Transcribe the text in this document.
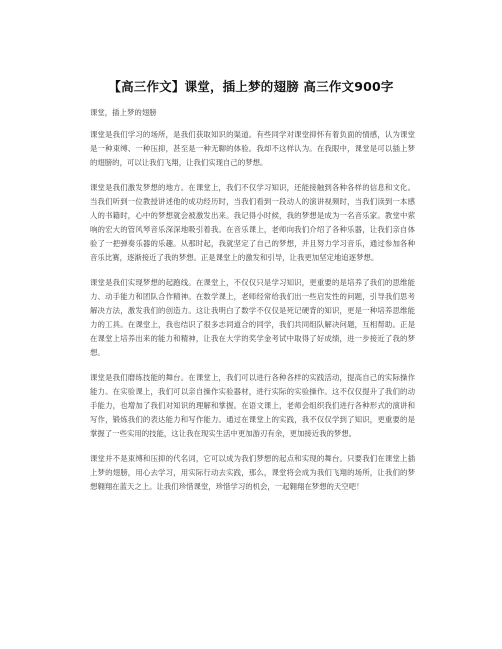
【高三作文】课堂，插上梦的翅膀 高三作文900字

课堂，插上梦的翅膀

课堂是我们学习的场所，是我们获取知识的渠道。有些同学对课堂抑怀有着负面的情感，认为课堂是一种束缚、一种压抑，甚至是一种无聊的体验。我却不这样认为。在我眼中，课堂是可以插上梦的翅膀的，可以让我们飞翔，让我们实现自己的梦想。

课堂是我们激发梦想的地方。在课堂上，我们不仅学习知识，还能接触到各种各样的信息和文化。当我们听到一位教授讲述他的成功经历时，当我们看到一段动人的演讲视频时，当我们读到一本感人的书籍时，心中的梦想就会被激发出来。我记得小时候，我的梦想是成为一名音乐家。教堂中萦响的宏大的管风琴音乐深深地吸引着我。在音乐课上，老师向我们介绍了各种乐器，让我们亲自体验了一把弹奏乐器的乐趣。从那时起，我就坚定了自己的梦想，并且努力学习音乐，通过参加各种音乐比赛，逐渐接近了我的梦想。正是课堂上的激发和引导，让我更加坚定地追逐梦想。

课堂是我们实现梦想的起跑线。在课堂上，不仅仅只是学习知识，更重要的是培养了我们的思维能力、动手能力和团队合作精神。在数学课上，老师经常给我们出一些启发性的问题，引导我们思考解决方法，激发我们的创造力。这让我明白了数学不仅仅是死记硬背的知识，更是一种培养思维能力的工具。在课堂上，我也结识了很多志同道合的同学，我们共同组队解决问题，互相帮助。正是在课堂上培养出来的能力和精神，让我在大学的奖学金考试中取得了好成绩，进一步接近了我的梦想。

课堂是我们磨练技能的舞台。在课堂上，我们可以进行各种各样的实践活动，提高自己的实际操作能力。在实验课上，我们可以亲自操作实验器材，进行实际的实验操作。这不仅仅提升了我们的动手能力，也增加了我们对知识的理解和掌握。在语文课上，老师会组织我们进行各种形式的演讲和写作，锻炼我们的表达能力和写作能力。通过在课堂上的实践，我不仅仅学到了知识，更重要的是掌握了一些实用的技能，这让我在现实生活中更加游刃有余，更加接近我的梦想。

课堂并不是束缚和压抑的代名词，它可以成为我们梦想的起点和实现的舞台。只要我们在课堂上插上梦的翅膀，用心去学习，用实际行动去实践，那么，课堂将会成为我们飞翔的场所，让我们的梦想翱翔在蓝天之上。让我们珍惜课堂，珍惜学习的机会，一起翱翔在梦想的天空吧！
